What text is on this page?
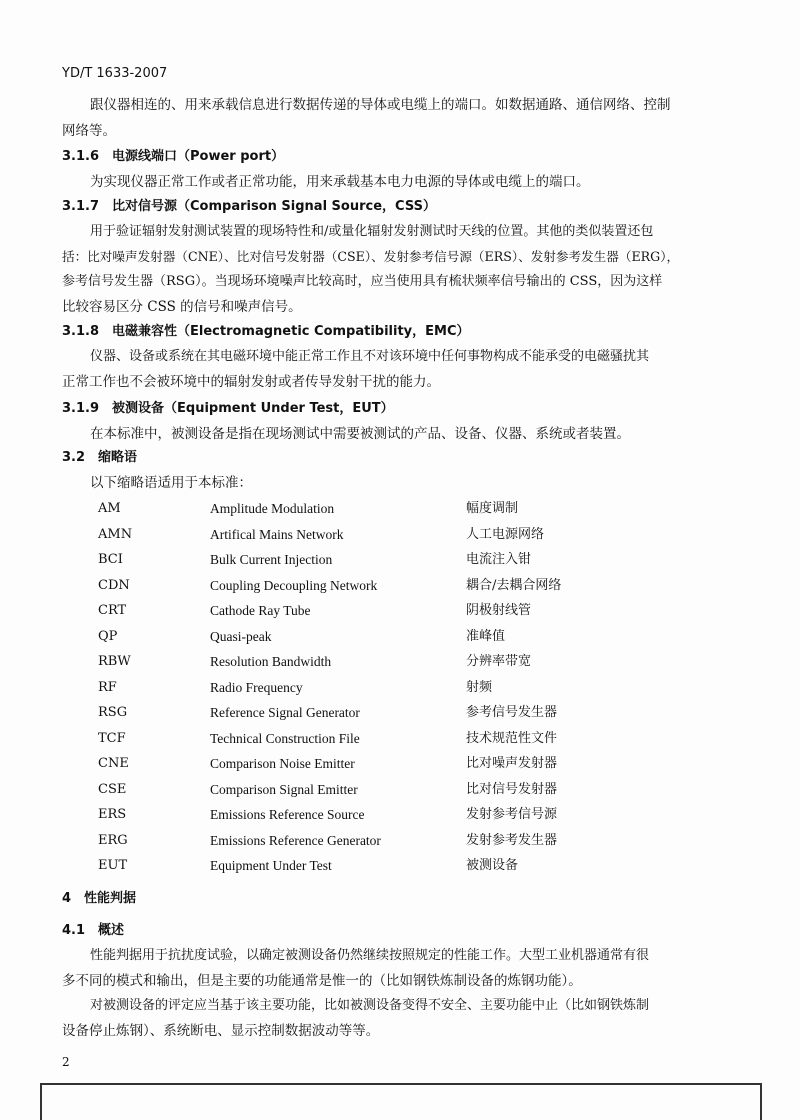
YD/T 1633-2007
跟仪器相连的、用来承载信息进行数据传递的导体或电缆上的端口。如数据通路、通信网络、控制
网络等。
3.1.6　电源线端口（Power port）
为实现仪器正常工作或者正常功能，用来承载基本电力电源的导体或电缆上的端口。
3.1.7　比对信号源（Comparison Signal Source，CSS）
用于验证辐射发射测试装置的现场特性和/或量化辐射发射测试时天线的位置。其他的类似装置还包
括：比对噪声发射器（CNE）、比对信号发射器（CSE）、发射参考信号源（ERS）、发射参考发生器（ERG），
参考信号发生器（RSG）。当现场环境噪声比较高时，应当使用具有梳状频率信号输出的 CSS，因为这样
比较容易区分 CSS 的信号和噪声信号。
3.1.8　电磁兼容性（Electromagnetic Compatibility，EMC）
仪器、设备或系统在其电磁环境中能正常工作且不对该环境中任何事物构成不能承受的电磁骚扰其
正常工作也不会被环境中的辐射发射或者传导发射干扰的能力。
3.1.9　被测设备（Equipment Under Test，EUT）
在本标准中，被测设备是指在现场测试中需要被测试的产品、设备、仪器、系统或者装置。
3.2　缩略语
以下缩略语适用于本标准：
AM	Amplitude Modulation	幅度调制
AMN	Artifical Mains Network	人工电源网络
BCI	Bulk Current Injection	电流注入钳
CDN	Coupling Decoupling Network	耦合/去耦合网络
CRT	Cathode Ray Tube	阴极射线管
QP	Quasi-peak	准峰值
RBW	Resolution Bandwidth	分辨率带宽
RF	Radio Frequency	射频
RSG	Reference Signal Generator	参考信号发生器
TCF	Technical Construction File	技术规范性文件
CNE	Comparison Noise Emitter	比对噪声发射器
CSE	Comparison Signal Emitter	比对信号发射器
ERS	Emissions Reference Source	发射参考信号源
ERG	Emissions Reference Generator	发射参考发生器
EUT	Equipment Under Test	被测设备
4　性能判据
4.1　概述
性能判据用于抗扰度试验，以确定被测设备仍然继续按照规定的性能工作。大型工业机器通常有很
多不同的模式和输出，但是主要的功能通常是惟一的（比如钢铁炼制设备的炼钢功能）。
对被测设备的评定应当基于该主要功能，比如被测设备变得不安全、主要功能中止（比如钢铁炼制
设备停止炼钢）、系统断电、显示控制数据波动等等。
2
